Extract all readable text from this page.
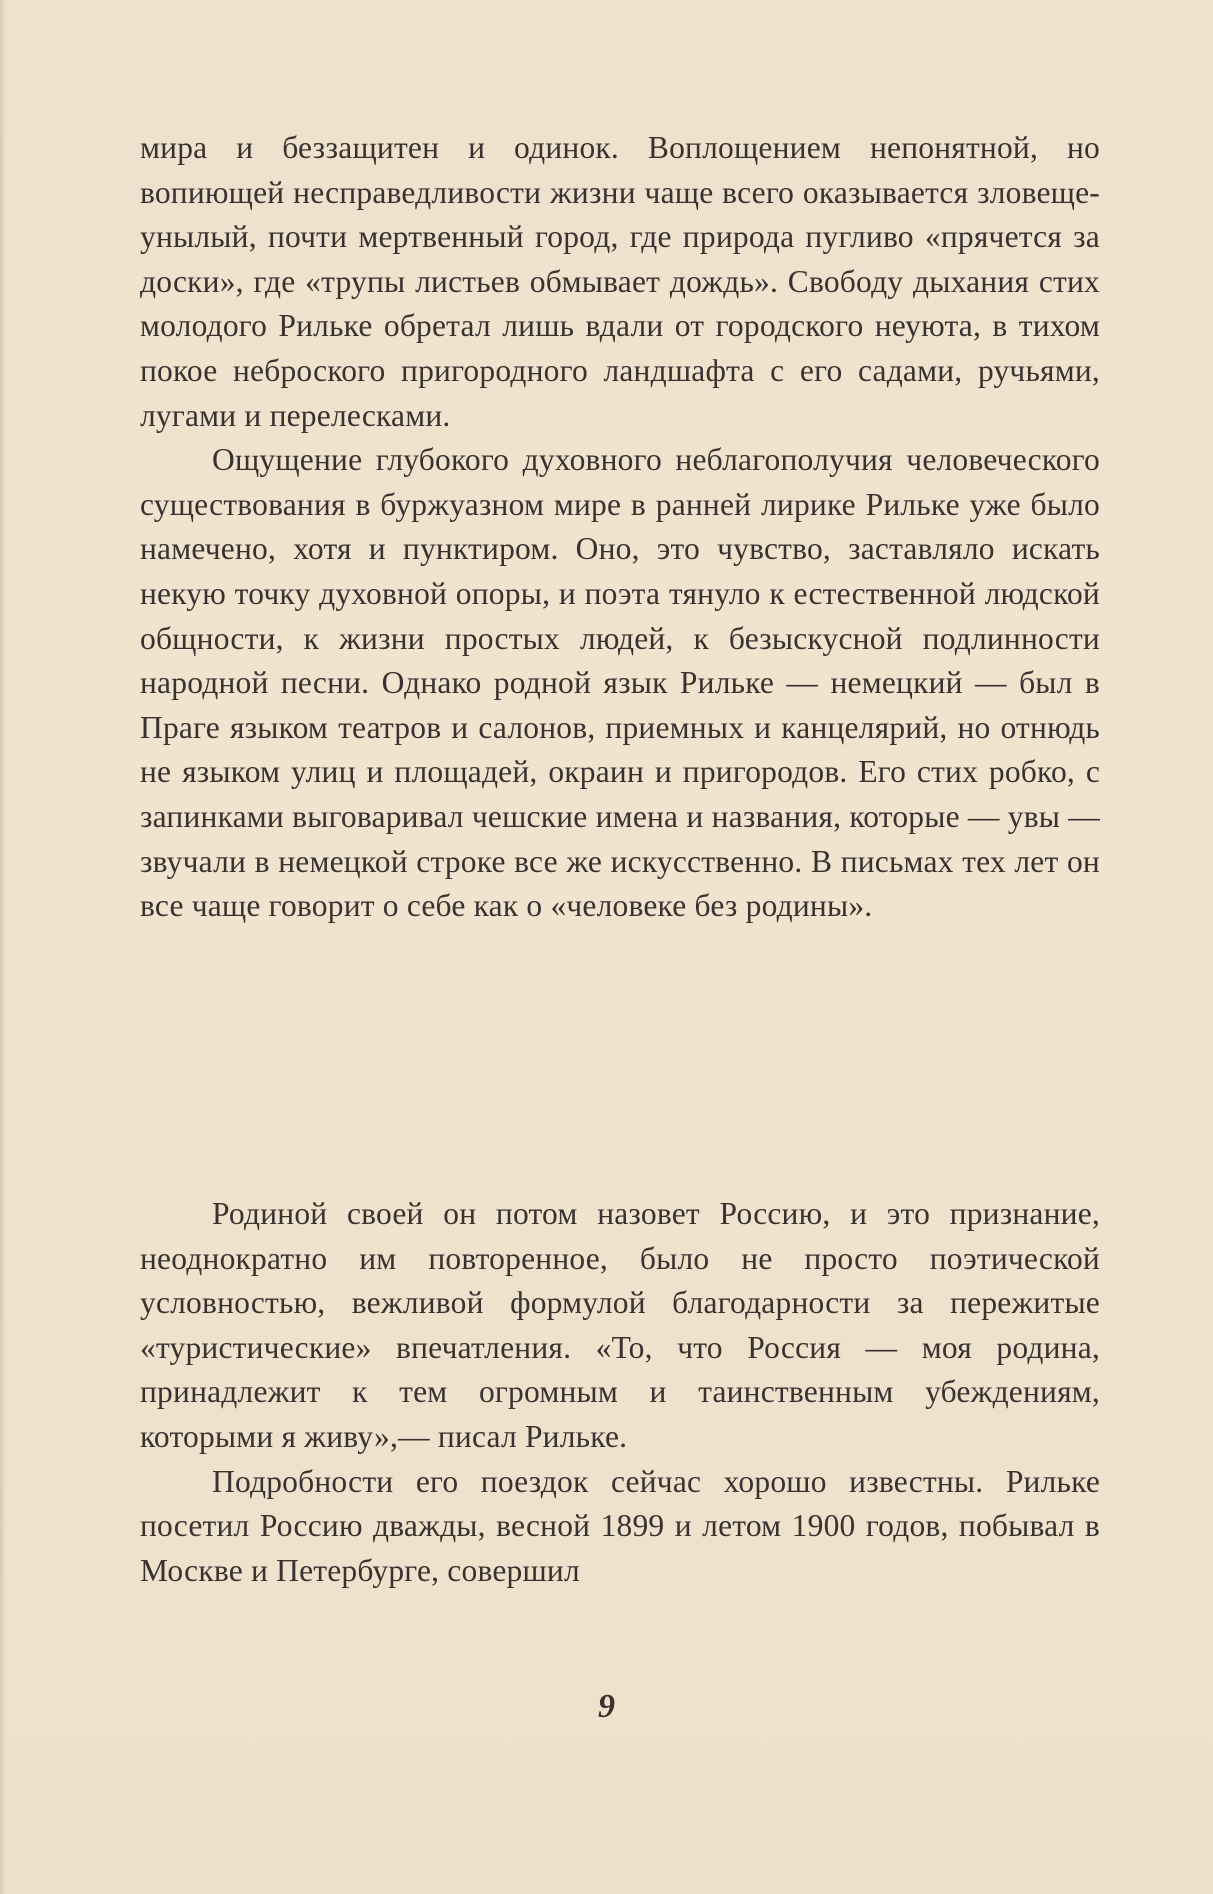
мира и беззащитен и одинок. Воплощением непонятной, но вопиющей несправедливости жизни чаще всего оказывается зловеще-унылый, почти мертвенный город, где природа пугливо «прячется за доски», где «трупы листьев обмывает дождь». Свободу дыхания стих молодого Рильке обретал лишь вдали от городского неуюта, в тихом покое неброского пригородного ландшафта с его садами, ручьями, лугами и перелесками.

Ощущение глубокого духовного неблагополучия человеческого существования в буржуазном мире в ранней лирике Рильке уже было намечено, хотя и пунктиром. Оно, это чувство, заставляло искать некую точку духовной опоры, и поэта тянуло к естественной людской общности, к жизни простых людей, к безыскусной подлинности народной песни. Однако родной язык Рильке — немецкий — был в Праге языком театров и салонов, приемных и канцелярий, но отнюдь не языком улиц и площадей, окраин и пригородов. Его стих робко, с запинками выговаривал чешские имена и названия, которые — увы — звучали в немецкой строке все же искусственно. В письмах тех лет он все чаще говорит о себе как о «человеке без родины».

Родиной своей он потом назовет Россию, и это признание, неоднократно им повторенное, было не просто поэтической условностью, вежливой формулой благодарности за пережитые «туристические» впечатления. «То, что Россия — моя родина, принадлежит к тем огромным и таинственным убеждениям, которыми я живу»,— писал Рильке.

Подробности его поездок сейчас хорошо известны. Рильке посетил Россию дважды, весной 1899 и летом 1900 годов, побывал в Москве и Петербурге, совершил

9
